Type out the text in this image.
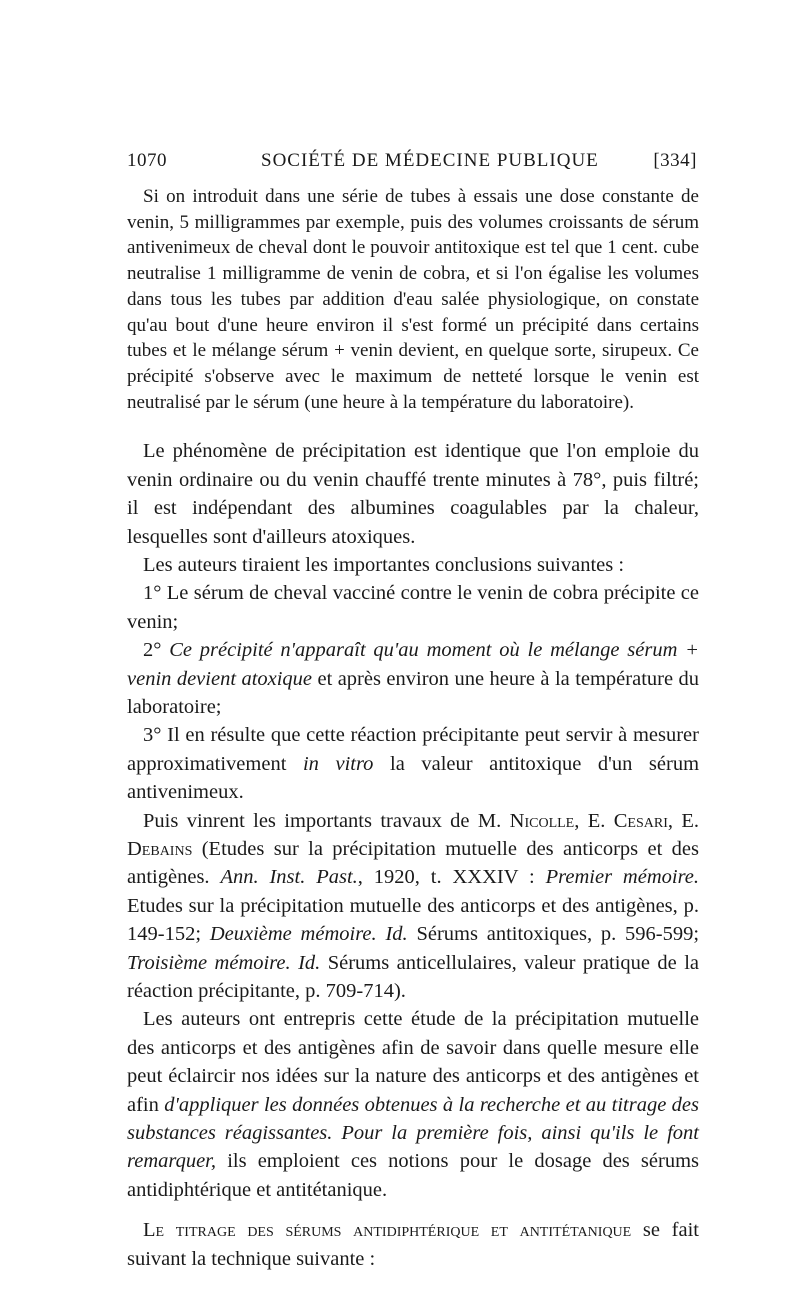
1070	SOCIÉTÉ DE MÉDECINE PUBLIQUE	[334]

Si on introduit dans une série de tubes à essais une dose constante de venin, 5 milligrammes par exemple, puis des volumes croissants de sérum antivenimeux de cheval dont le pouvoir antitoxique est tel que 1 cent. cube neutralise 1 milligramme de venin de cobra, et si l'on égalise les volumes dans tous les tubes par addition d'eau salée physiologique, on constate qu'au bout d'une heure environ il s'est formé un précipité dans certains tubes et le mélange sérum + venin devient, en quelque sorte, sirupeux. Ce précipité s'observe avec le maximum de netteté lorsque le venin est neutralisé par le sérum (une heure à la température du laboratoire).

Le phénomène de précipitation est identique que l'on emploie du venin ordinaire ou du venin chauffé trente minutes à 78°, puis filtré; il est indépendant des albumines coagulables par la chaleur, lesquelles sont d'ailleurs atoxiques.

Les auteurs tiraient les importantes conclusions suivantes :

1° Le sérum de cheval vacciné contre le venin de cobra précipite ce venin;

2° Ce précipité n'apparaît qu'au moment où le mélange sérum + venin devient atoxique et après environ une heure à la température du laboratoire;

3° Il en résulte que cette réaction précipitante peut servir à mesurer approximativement in vitro la valeur antitoxique d'un sérum antivenimeux.

Puis vinrent les importants travaux de M. Nicolle, E. Cesari, E. Debains (Etudes sur la précipitation mutuelle des anticorps et des antigènes. Ann. Inst. Past., 1920, t. XXXIV : Premier mémoire. Etudes sur la précipitation mutuelle des anticorps et des antigènes, p. 149-152; Deuxième mémoire. Id. Sérums antitoxiques, p. 596-599; Troisième mémoire. Id. Sérums anticellulaires, valeur pratique de la réaction précipitante, p. 709-714).

Les auteurs ont entrepris cette étude de la précipitation mutuelle des anticorps et des antigènes afin de savoir dans quelle mesure elle peut éclaircir nos idées sur la nature des anticorps et des antigènes et afin d'appliquer les données obtenues à la recherche et au titrage des substances réagissantes. Pour la première fois, ainsi qu'ils le font remarquer, ils emploient ces notions pour le dosage des sérums antidiphtérique et antitétanique.

Le titrage des sérums antidiphtérique et antitétanique se fait suivant la technique suivante :
